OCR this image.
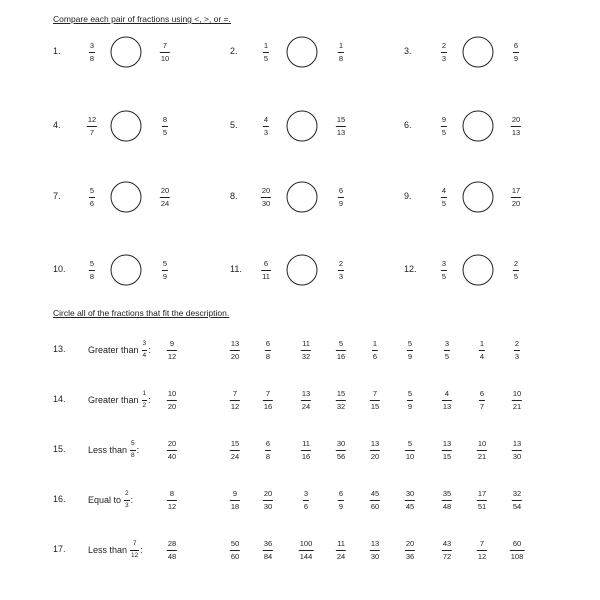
Compare each pair of fractions using <, >, or =.
1.
3
8
7
10
2.
1
5
1
8
3.
2
3
6
9
4.
12
7
8
5
5.
4
3
15
13
6.
9
5
20
13
7.
5
6
20
24
8.
20
30
6
9
9.
4
5
17
20
10.
5
8
5
9
11.
6
11
2
3
12.
3
5
2
5
Circle all of the fractions that fit the description.
13. Greater than $\frac{3}{4}$ :
9
12
13
20
6
8
11
32
5
16
1
6
5
9
3
5
1
4
2
3
14. Greater than $\frac{1}{2}$ :
10
20
7
12
7
16
13
24
15
32
7
15
5
9
4
13
6
7
10
21
15. Less than $\frac{5}{8}$ :
20
40
15
24
6
8
11
16
30
56
13
20
5
10
13
15
10
21
13
30
16. Equal to $\frac{2}{3}$ :
8
12
9
18
20
30
3
6
6
9
45
60
30
45
35
48
17
51
32
54
17. Less than $\frac{7}{12}$ :
28
48
50
60
36
84
100
144
11
24
13
30
20
36
43
72
7
12
60
108
